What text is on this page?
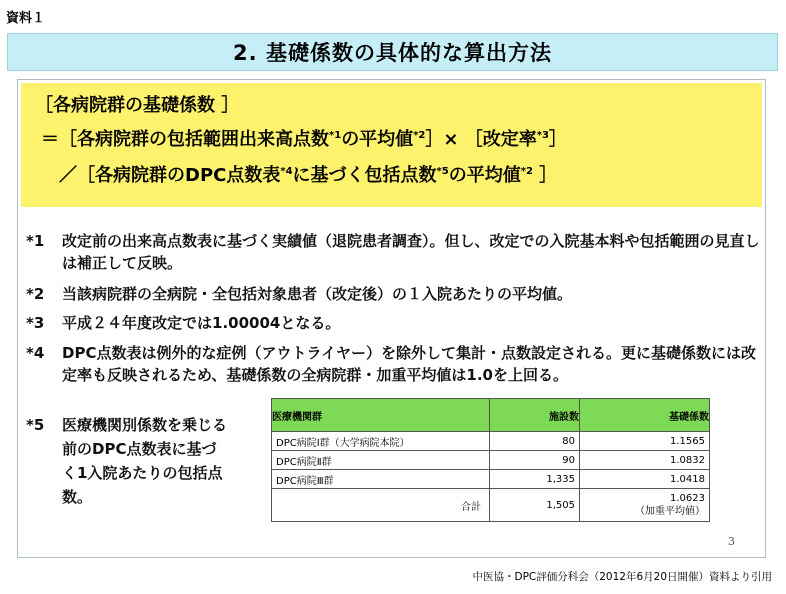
資料１
2. 基礎係数の具体的な算出方法
［各病院群の基礎係数 ］
＝［各病院群の包括範囲出来高点数$^{*1}$の平均値$^{*2}$］× ［改定率$^{*3}$］
／［各病院群のDPC点数表$^{*4}$に基づく包括点数$^{*5}$の平均値$^{*2}$ ］
*1	改定前の出来高点数表に基づく実績値（退院患者調査）。但し、改定での入院基本料や包括範囲の見直しは補正して反映。
*2	当該病院群の全病院・全包括対象患者（改定後）の１入院あたりの平均値。
*3	平成２４年度改定では1.00004となる。
*4	DPC点数表は例外的な症例（アウトライヤー）を除外して集計・点数設定される。更に基礎係数には改定率も反映されるため、基礎係数の全病院群・加重平均値は1.0を上回る。
*5	医療機関別係数を乗じる前のDPC点数表に基づく1入院あたりの包括点数。
医療機関群	施設数	基礎係数
DPC病院Ⅰ群（大学病院本院）	80	1.1565
DPC病院Ⅱ群	90	1.0832
DPC病院Ⅲ群	1,335	1.0418
合計	1,505	1.0623
（加重平均値）
3
中医協・DPC評価分科会（2012年6月20日開催）資料より引用
